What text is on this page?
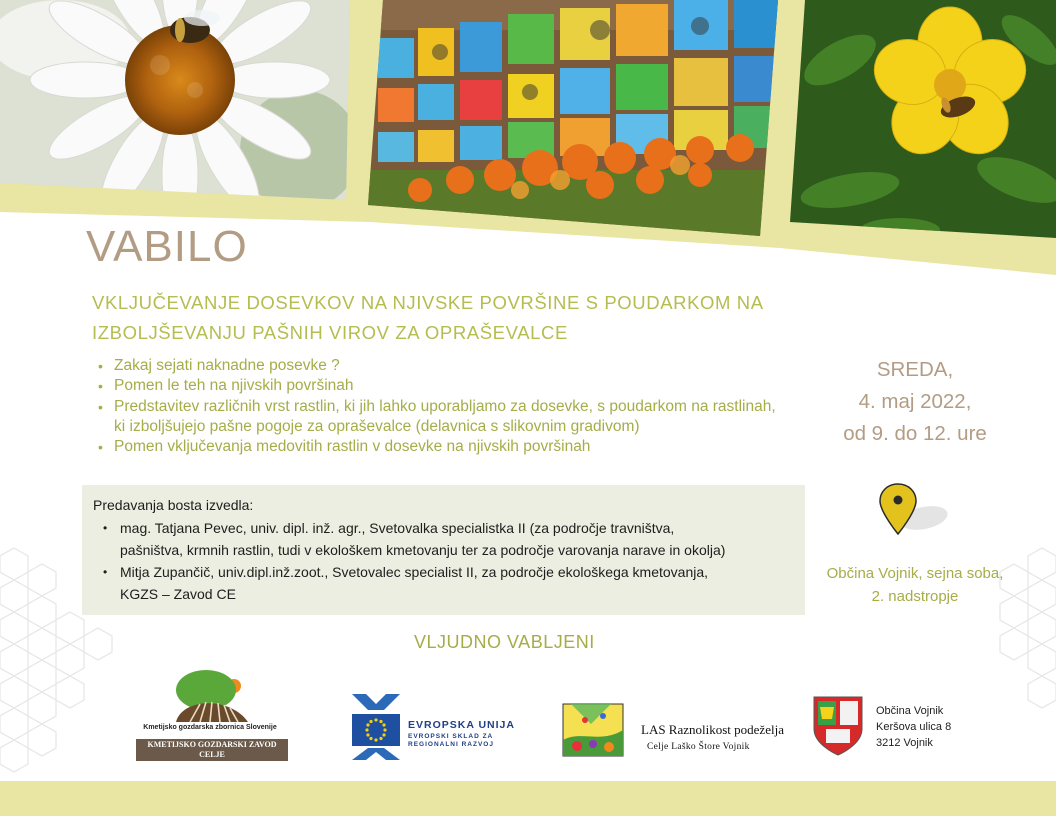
VABILO
VKLJUČEVANJE DOSEVKOV NA NJIVSKE POVRŠINE S POUDARKOM NA
IZBOLJŠEVANJU PAŠNIH VIROV ZA OPRAŠEVALCE
• Zakaj sejati naknadne posevke ?
• Pomen le teh na njivskih površinah
• Predstavitev različnih vrst rastlin, ki jih lahko uporabljamo za dosevke, s poudarkom na rastlinah, ki izboljšujejo pašne pogoje za opraševalce (delavnica s slikovnim gradivom)
• Pomen vključevanja medovitih rastlin v dosevke na njivskih površinah
SREDA,
4. maj 2022,
od 9. do 12. ure
Občina Vojnik, sejna soba,
2. nadstropje
Predavanja bosta izvedla:
• mag. Tatjana Pevec, univ. dipl. inž. agr., Svetovalka specialistka II (za področje travništva,
pašništva, krmnih rastlin, tudi v ekološkem kmetovanju ter za področje varovanja narave in okolja)
• Mitja Zupančič, univ.dipl.inž.zoot., Svetovalec specialist II, za področje ekološkega kmetovanja,
KGZS – Zavod CE
VLJUDNO VABLJENI
Kmetijsko gozdarska zbornica Slovenije
KMETIJSKO GOZDARSKI ZAVOD
CELJE
EVROPSKA UNIJA
EVROPSKI SKLAD ZA
REGIONALNI RAZVOJ
LAS Raznolikost podeželja
Celje Laško Štore Vojnik
Občina Vojnik
Keršova ulica 8
3212 Vojnik
